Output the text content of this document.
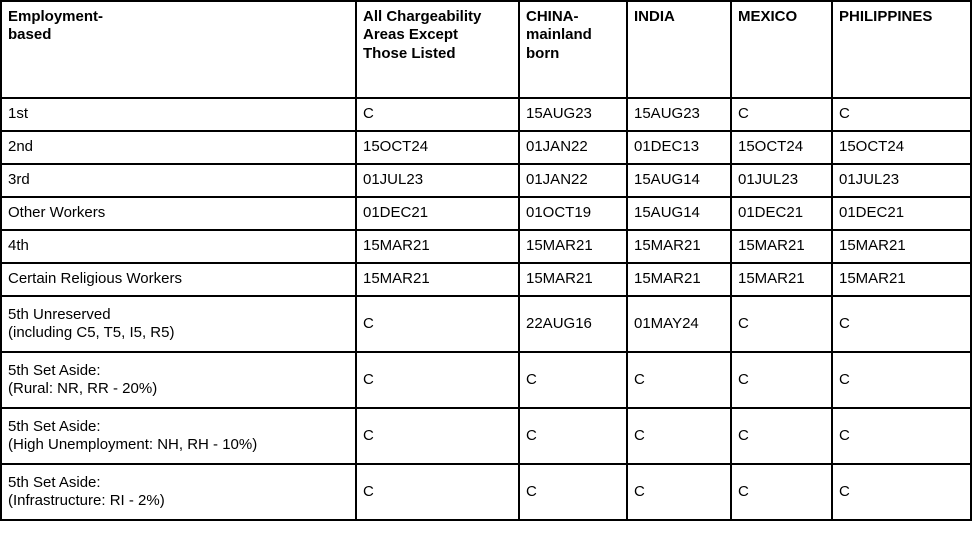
Employment-
based	All Chargeability
Areas Except
Those Listed	CHINA-
mainland
born	INDIA	MEXICO	PHILIPPINES

1st	C	15AUG23	15AUG23	C	C
2nd	15OCT24	01JAN22	01DEC13	15OCT24	15OCT24
3rd	01JUL23	01JAN22	15AUG14	01JUL23	01JUL23
Other Workers	01DEC21	01OCT19	15AUG14	01DEC21	01DEC21
4th	15MAR21	15MAR21	15MAR21	15MAR21	15MAR21
Certain Religious Workers	15MAR21	15MAR21	15MAR21	15MAR21	15MAR21
5th Unreserved
(including C5, T5, I5, R5)	C	22AUG16	01MAY24	C	C
5th Set Aside:
(Rural: NR, RR - 20%)	C	C	C	C	C
5th Set Aside:
(High Unemployment: NH, RH - 10%)	C	C	C	C	C
5th Set Aside:
(Infrastructure: RI - 2%)	C	C	C	C	C
